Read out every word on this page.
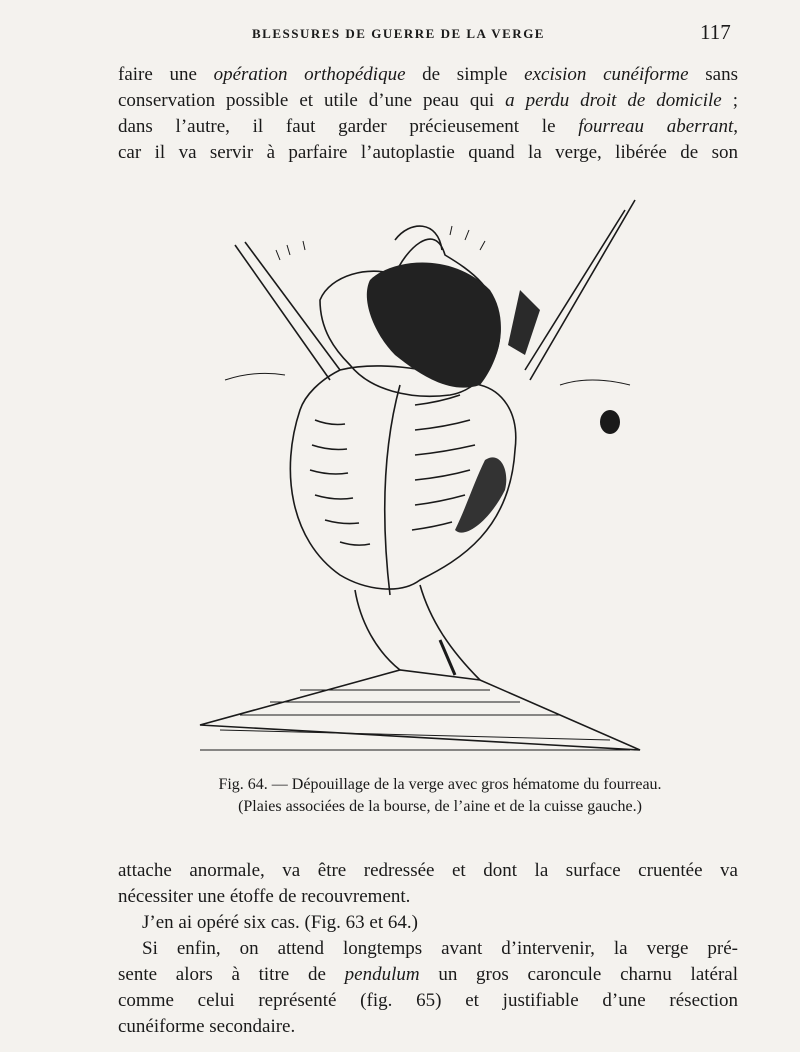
BLESSURES DE GUERRE DE LA VERGE	117
faire une opération orthopédique de simple excision cunéiforme sans
conservation possible et utile d’une peau qui a perdu droit de domicile ;
dans l’autre, il faut garder précieusement le fourreau aberrant,
car il va servir à parfaire l’autoplastie quand la verge, libérée de son
Fig. 64. — Dépouillage de la verge avec gros hématome du fourreau.
(Plaies associées de la bourse, de l’aine et de la cuisse gauche.)
attache anormale, va être redressée et dont la surface cruentée va
nécessiter une étoffe de recouvrement.
J’en ai opéré six cas. (Fig. 63 et 64.)
Si enfin, on attend longtemps avant d’intervenir, la verge pré-
sente alors à titre de pendulum un gros caroncule charnu latéral
comme celui représenté (fig. 65) et justifiable d’une résection
cunéiforme secondaire.
